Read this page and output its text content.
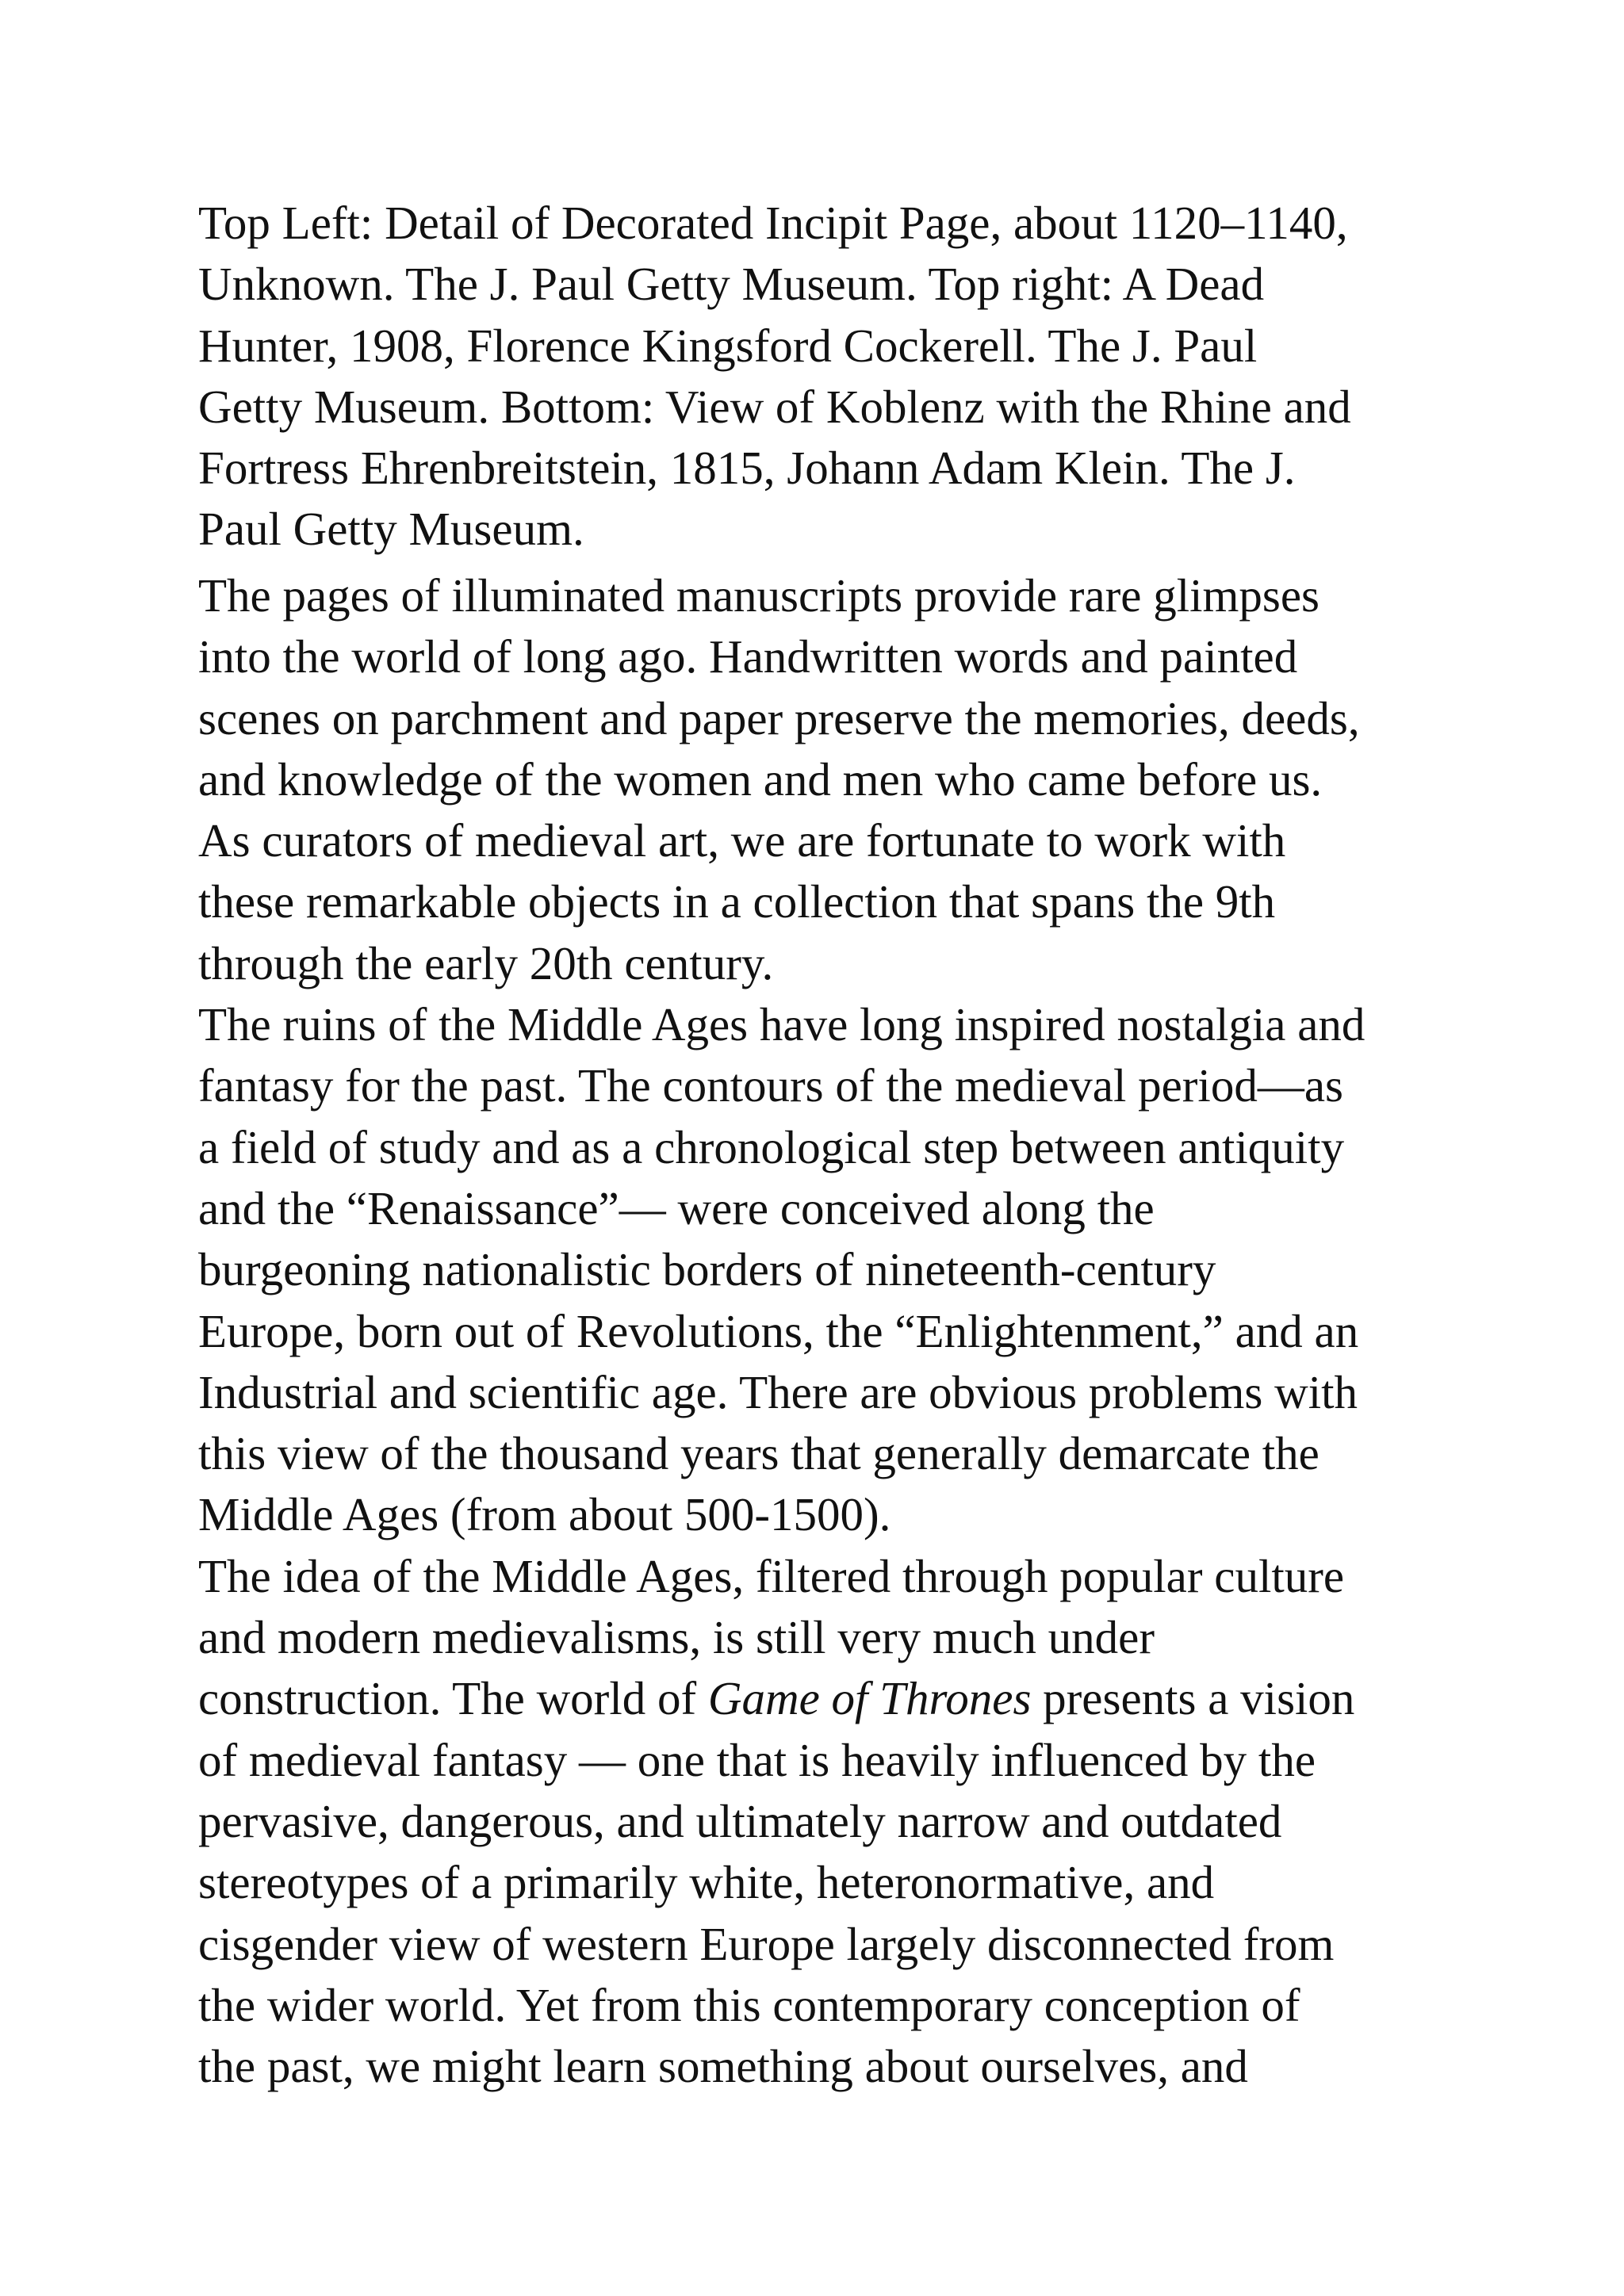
Top Left: Detail of Decorated Incipit Page, about 1120–1140,
Unknown. The J. Paul Getty Museum. Top right: A Dead
Hunter, 1908, Florence Kingsford Cockerell. The J. Paul
Getty Museum. Bottom: View of Koblenz with the Rhine and
Fortress Ehrenbreitstein, 1815, Johann Adam Klein. The J.
Paul Getty Museum.
The pages of illuminated manuscripts provide rare glimpses
into the world of long ago. Handwritten words and painted
scenes on parchment and paper preserve the memories, deeds,
and knowledge of the women and men who came before us.
As curators of medieval art, we are fortunate to work with
these remarkable objects in a collection that spans the 9th
through the early 20th century.
The ruins of the Middle Ages have long inspired nostalgia and
fantasy for the past. The contours of the medieval period—as
a field of study and as a chronological step between antiquity
and the “Renaissance”— were conceived along the
burgeoning nationalistic borders of nineteenth-century
Europe, born out of Revolutions, the “Enlightenment,” and an
Industrial and scientific age. There are obvious problems with
this view of the thousand years that generally demarcate the
Middle Ages (from about 500-1500).
The idea of the Middle Ages, filtered through popular culture
and modern medievalisms, is still very much under
construction. The world of Game of Thrones presents a vision
of medieval fantasy — one that is heavily influenced by the
pervasive, dangerous, and ultimately narrow and outdated
stereotypes of a primarily white, heteronormative, and
cisgender view of western Europe largely disconnected from
the wider world. Yet from this contemporary conception of
the past, we might learn something about ourselves, and
